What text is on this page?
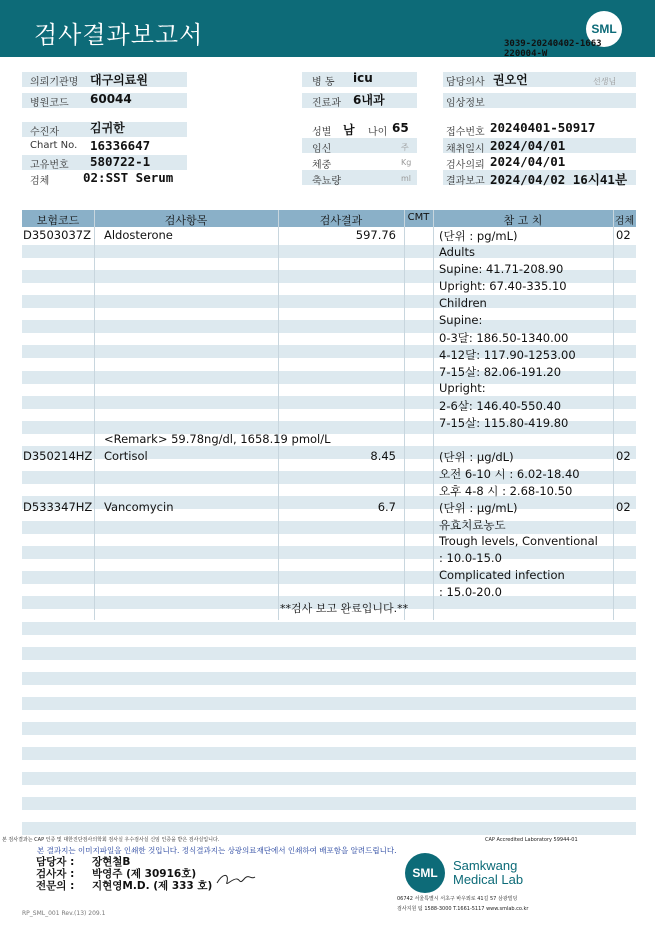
검사결과보고서	SML
3039-20240402-1663
220004-W
의뢰기관명 대구의료원
병원코드 60044
병 동 icu
진료과 6내과
담당의사 권오언	선생님
임상정보
수진자	김귀한
Chart No. 16336647
고유번호 580722-1
검체	02:SST Serum
성별 남 나이 65
임신	주
체중	Kg
축뇨량	ml
접수번호 20240401-50917
채취일시 2024/04/01
검사의뢰 2024/04/01
결과보고 2024/04/02 16시41분
보험코드	검사항목	검사결과	CMT	참 고 치	검체
D3503037Z Aldosterone	597.76	(단위 : pg/mL)	02
Adults
Supine: 41.71-208.90
Upright: 67.40-335.10
Children
Supine:
0-3달: 186.50-1340.00
4-12달: 117.90-1253.00
7-15살: 82.06-191.20
Upright:
2-6살: 146.40-550.40
7-15살: 115.80-419.80
<Remark> 59.78ng/dl, 1658.19 pmol/L
D350214HZ Cortisol	8.45	(단위 : µg/dL)	02
오전 6-10 시 : 6.02-18.40
오후 4-8 시 : 2.68-10.50
D533347HZ Vancomycin	6.7	(단위 : µg/mL)	02
유효치료농도
Trough levels, Conventional
: 10.0-15.0
Complicated infection
: 15.0-20.0
**검사 보고 완료입니다.**
본 검사결과는 CAP 인증 및 대한진단검사의학회 검사실 우수검사실 신임 인증을 받은 검사실입니다.	CAP Accredited Laboratory 59944-01
본 결과지는 이미지파일을 인쇄한 것입니다. 정식결과지는 상광의료재단에서 인쇄하여 배포함을 알려드립니다.
담당자 : 장현철B
검사자 : 박영주 (제 30916호)
전문의 : 지현영M.D. (제 333 호)
SML	Samkwang
Medical Lab
06742 서울특별시 서초구 바우뫼로 41길 57 삼광빌딩
검사지원 팀 1588-3000 T.1661-5117 www.smlab.co.kr
RP_SML_001 Rev.(13) 209.1
